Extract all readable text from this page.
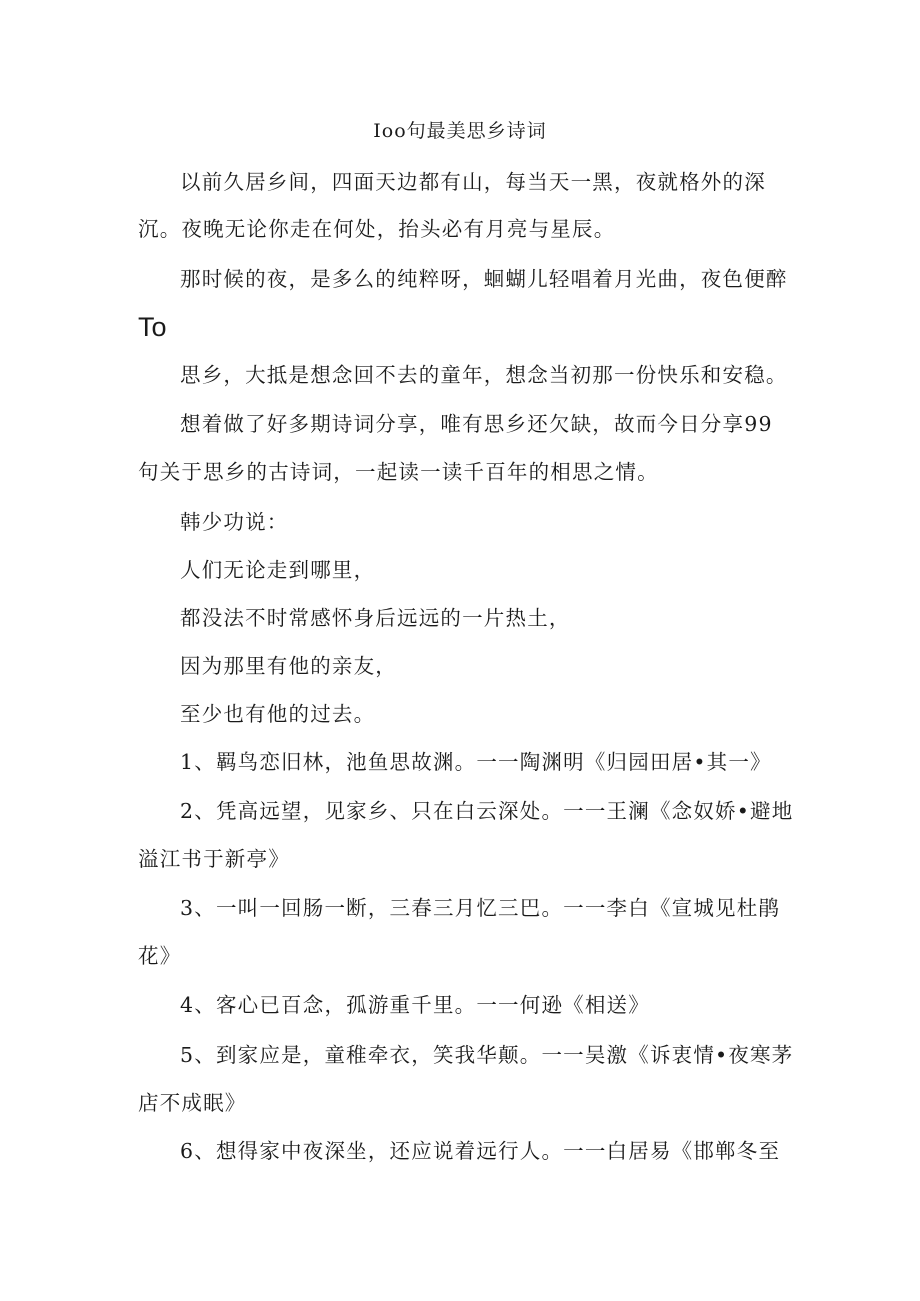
Ioo句最美思乡诗词
以前久居乡间，四面天边都有山，每当天一黑，夜就格外的深
沉。夜晚无论你走在何处，抬头必有月亮与星辰。
那时候的夜，是多么的纯粹呀，蛔蝴儿轻唱着月光曲，夜色便醉
To
思乡，大抵是想念回不去的童年，想念当初那一份快乐和安稳。
想着做了好多期诗词分享，唯有思乡还欠缺，故而今日分享99
句关于思乡的古诗词，一起读一读千百年的相思之情。
韩少功说：
人们无论走到哪里，
都没法不时常感怀身后远远的一片热土，
因为那里有他的亲友，
至少也有他的过去。
1、羁鸟恋旧林，池鱼思故渊。一一陶渊明《归园田居•其一》
2、凭高远望，见家乡、只在白云深处。一一王澜《念奴娇•避地
溢江书于新亭》
3、一叫一回肠一断，三春三月忆三巴。一一李白《宣城见杜鹃
花》
4、客心已百念，孤游重千里。一一何逊《相送》
5、到家应是，童稚牵衣，笑我华颠。一一吴激《诉衷情•夜寒茅
店不成眠》
6、想得家中夜深坐，还应说着远行人。一一白居易《邯郸冬至
